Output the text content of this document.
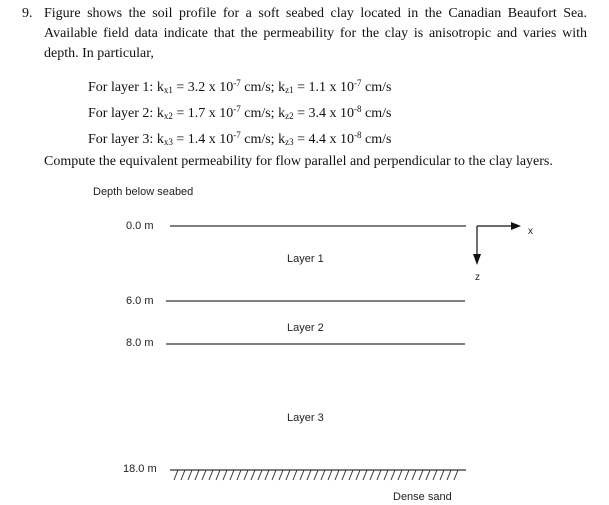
9. Figure shows the soil profile for a soft seabed clay located in the Canadian Beaufort Sea. Available field data indicate that the permeability for the clay is anisotropic and varies with depth. In particular,
For layer 1: $k_{x1} = 3.2$ x $10^{-7}$ cm/s; $k_{z1} = 1.1$ x $10^{-7}$ cm/s
For layer 2: $k_{x2} = 1.7$ x $10^{-7}$ cm/s; $k_{z2} = 3.4$ x $10^{-8}$ cm/s
For layer 3: $k_{x3} = 1.4$ x $10^{-7}$ cm/s; $k_{z3} = 4.4$ x $10^{-8}$ cm/s
Compute the equivalent permeability for flow parallel and perpendicular to the clay layers.
Depth below seabed
0.0 m
6.0 m
8.0 m
18.0 m
Layer 1
Layer 2
Layer 3
Dense sand
x
z
